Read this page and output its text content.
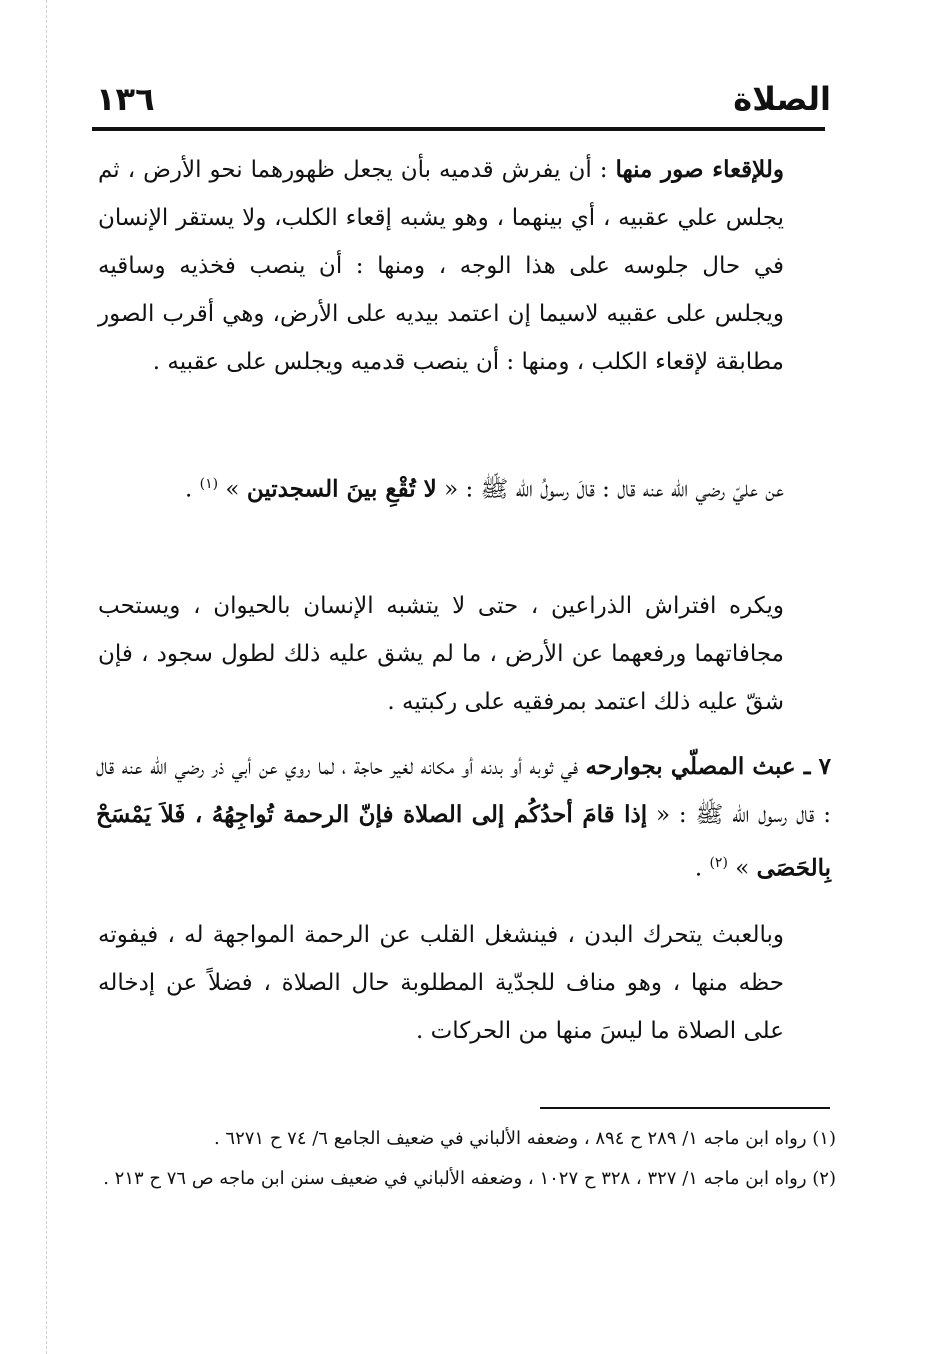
الصلاة
١٣٦

وللإقعاء صور منها : أن يفرش قدميه بأن يجعل ظهورهما نحو الأرض ، ثم يجلس علي عقبيه ، أي بينهما ، وهو يشبه إقعاء الكلب، ولا يستقر الإنسان في حال جلوسه على هذا الوجه ، ومنها : أن ينصب فخذيه وساقيه ويجلس على عقبيه لاسيما إن اعتمد بيديه على الأرض، وهي أقرب الصور مطابقة لإقعاء الكلب ، ومنها : أن ينصب قدميه ويجلس على عقبيه .

عن عليّ رضي الله عنه قال : قالَ رسولُ الله ﷺ : « لا تُقْعِ بينَ السجدتين » $^{(١)}$ .

ويكره افتراش الذراعين ، حتى لا يتشبه الإنسان بالحيوان ، ويستحب مجافاتهما ورفعهما عن الأرض ، ما لم يشق عليه ذلك لطول سجود ، فإن شقّ عليه ذلك اعتمد بمرفقيه على ركبتيه .

٧ ـ عبث المصلّي بجوارحه في ثوبه أو بدنه أو مكانه لغير حاجة ، لما روي عن أبي ذر رضي الله عنه قال : قال رسول الله ﷺ : « إذا قامَ أحدُكُم إلى الصلاة فإنّ الرحمة تُواجِهُهُ ، فَلاَ يَمْسَحْ بِالحَصَى » $^{(٢)}$ .

وبالعبث يتحرك البدن ، فينشغل القلب عن الرحمة المواجهة له ، فيفوته حظه منها ، وهو مناف للجدّية المطلوبة حال الصلاة ، فضلاً عن إدخاله على الصلاة ما ليسَ منها من الحركات .

(١) رواه ابن ماجه ١/ ٢٨٩ ح ٨٩٤ ، وضعفه الألباني في ضعيف الجامع ٦/ ٧٤ ح ٦٢٧١ .

(٢) رواه ابن ماجه ١/ ٣٢٧ ، ٣٢٨ ح ١٠٢٧ ، وضعفه الألباني في ضعيف سنن ابن ماجه ص ٧٦ ح ٢١٣ .
